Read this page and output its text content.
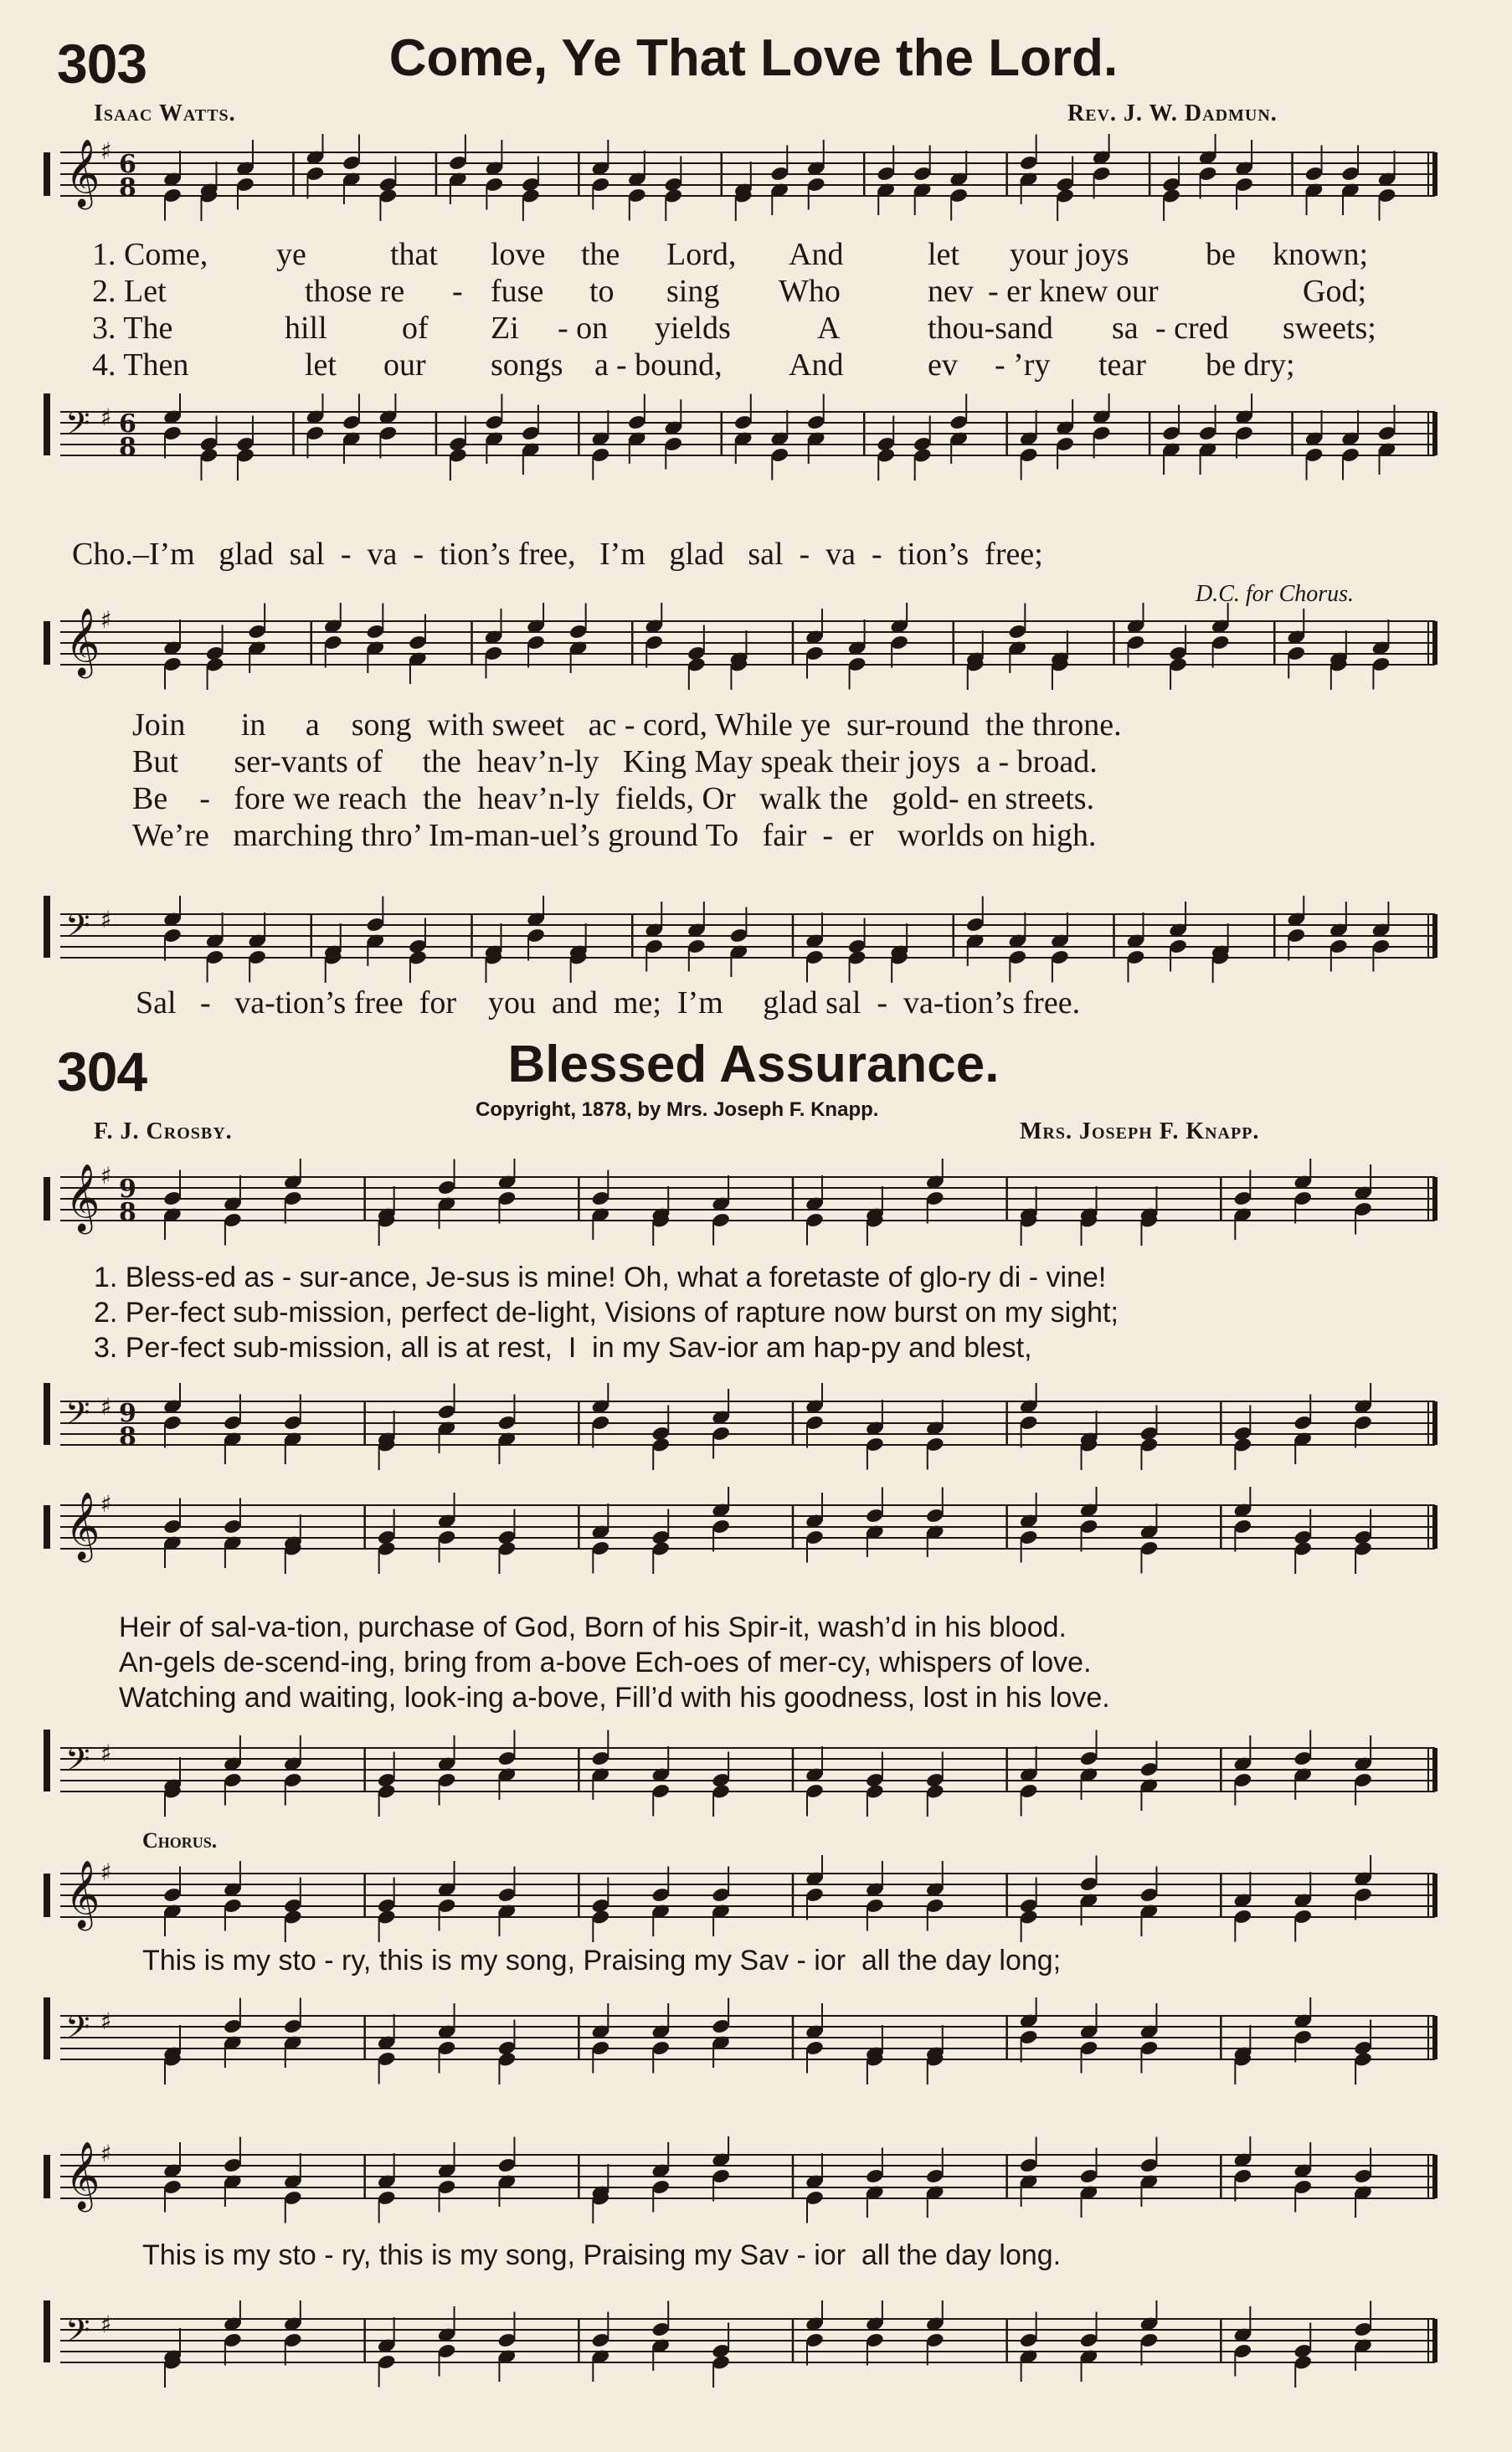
303	Come, Ye That Love the Lord.
Isaac Watts.	Rev. J. W. Dadmun.
𝄞 ♯ 6
8

1. Come,

ye

	that

love

the

Lord,

And

	let

your joys

be

known;

2. Let

	those re

-

fuse

to

sing

Who

	nev

- er knew our

	God;

3. The

	hill

of

Zi

- on

yields

	A

	thou-sand

sa

- cred

sweets;

4. Then

	let

our

songs

a

- bound,

And

	ev

- ’ry

tear

be dry;

𝄢 ♯ 6
8

Cho.–I’m   glad  sal  -  va  -  tion’s free,   I’m   glad   sal  -  va  -  tion’s  free;

D.C. for Chorus.
𝄞 ♯

Join       in     a    song  with sweet   ac - cord, While ye  sur-round  the throne.

But       ser-vants of     the  heav’n-ly   King May speak their joys  a - broad.

Be    -   fore we reach  the  heav’n-ly  fields, Or   walk the   gold- en streets.

We’re   marching thro’ Im-man-uel’s ground To   fair  -  er   worlds on high.

𝄢 ♯

Sal   -   va-tion’s free  for    you  and  me;  I’m     glad sal  -  va-tion’s free.

304	Blessed Assurance.
Copyright, 1878, by Mrs. Joseph F. Knapp.
F. J. Crosby.	Mrs. Joseph F. Knapp.
𝄞 ♯ 9
8

1. Bless-ed as - sur-ance, Je-sus is mine! Oh, what a foretaste of glo-ry di - vine!

2. Per-fect sub-mission, perfect de-light, Visions of rapture now burst on my sight;

3. Per-fect sub-mission, all is at rest,  I  in my Sav-ior am hap-py and blest,

𝄢 ♯ 9
8
𝄞 ♯

Heir of sal-va-tion, purchase of God, Born of his Spir-it, wash’d in his blood.

An-gels de-scend-ing, bring from a-bove Ech-oes of mer-cy, whispers of love.

Watching and waiting, look-ing a-bove, Fill’d with his goodness, lost in his love.

𝄢 ♯
Chorus.
𝄞 ♯

This is my sto - ry, this is my song, Praising my Sav - ior  all the day long;

𝄢 ♯
𝄞 ♯

This is my sto - ry, this is my song, Praising my Sav - ior  all the day long.

𝄢 ♯
